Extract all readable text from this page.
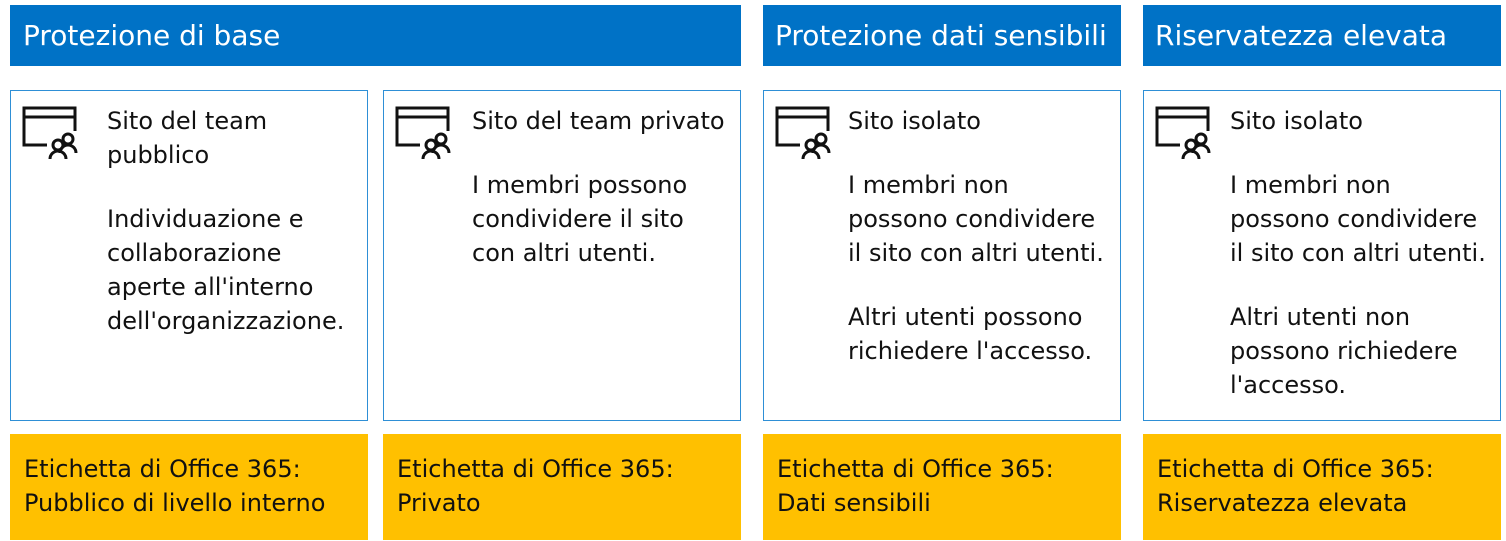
Protezione di base	Protezione dati sensibili	Riservatezza elevata

Sito del team pubblico

Individuazione e collaborazione aperte all'interno dell'organizzazione.

Sito del team privato

I membri possono condividere il sito con altri utenti.

Sito isolato

I membri non possono condividere il sito con altri utenti.

Altri utenti possono richiedere l'accesso.

Sito isolato

I membri non possono condividere il sito con altri utenti.

Altri utenti non possono richiedere l'accesso.

Etichetta di Office 365:
Pubblico di livello interno
Etichetta di Office 365:
Privato
Etichetta di Office 365:
Dati sensibili
Etichetta di Office 365:
Riservatezza elevata
